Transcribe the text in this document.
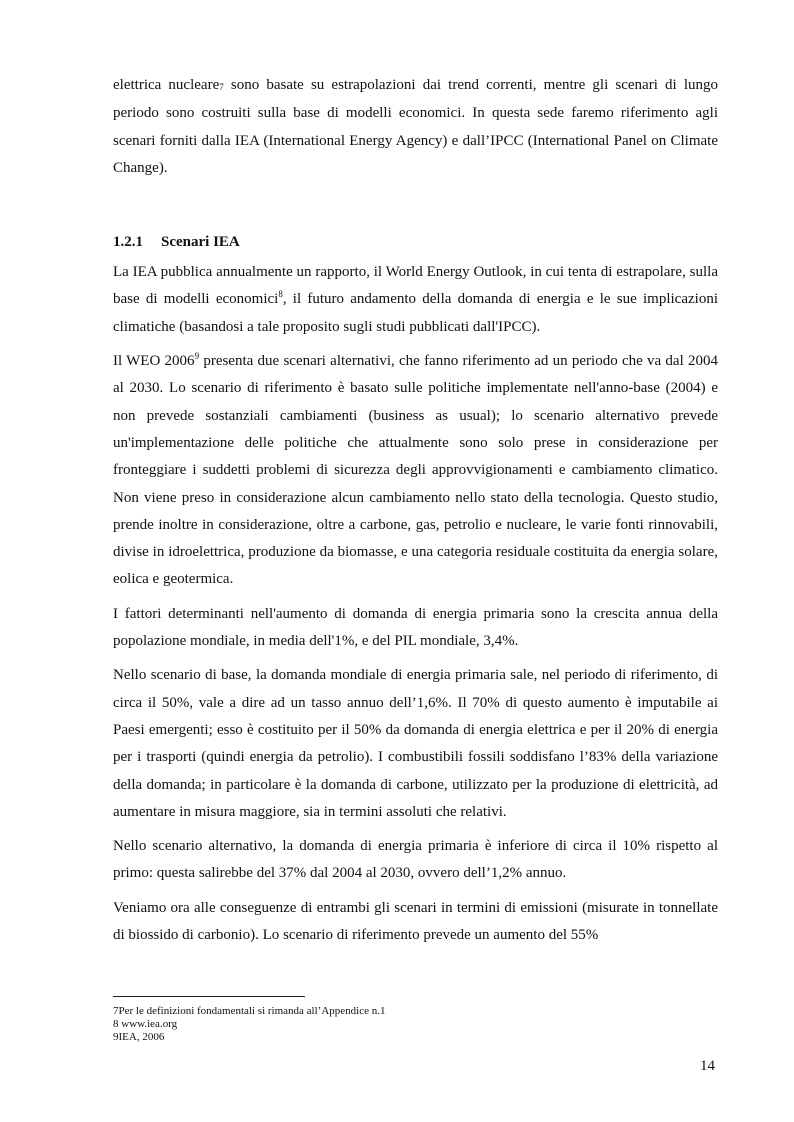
elettrica nucleare7 sono basate su estrapolazioni dai trend correnti, mentre gli scenari di lungo periodo sono costruiti sulla base di modelli economici. In questa sede faremo riferimento agli scenari forniti dalla IEA (International Energy Agency) e dall’IPCC (International Panel on Climate Change).

1.2.1 Scenari IEA

La IEA pubblica annualmente un rapporto, il World Energy Outlook, in cui tenta di estrapolare, sulla base di modelli economici$^8$, il futuro andamento della domanda di energia e le sue implicazioni climatiche (basandosi a tale proposito sugli studi pubblicati dall'IPCC).

Il WEO 2006$^9$ presenta due scenari alternativi, che fanno riferimento ad un periodo che va dal 2004 al 2030. Lo scenario di riferimento è basato sulle politiche implementate nell'anno-base (2004) e non prevede sostanziali cambiamenti (business as usual); lo scenario alternativo prevede un'implementazione delle politiche che attualmente sono solo prese in considerazione per fronteggiare i suddetti problemi di sicurezza degli approvvigionamenti e cambiamento climatico. Non viene preso in considerazione alcun cambiamento nello stato della tecnologia. Questo studio, prende inoltre in considerazione, oltre a carbone, gas, petrolio e nucleare, le varie fonti rinnovabili, divise in idroelettrica, produzione da biomasse, e una categoria residuale costituita da energia solare, eolica e geotermica.

I fattori determinanti nell'aumento di domanda di energia primaria sono la crescita annua della popolazione mondiale, in media dell'1%, e del PIL mondiale, 3,4%.

Nello scenario di base, la domanda mondiale di energia primaria sale, nel periodo di riferimento, di circa il 50%, vale a dire ad un tasso annuo dell’1,6%. Il 70% di questo aumento è imputabile ai Paesi emergenti; esso è costituito per il 50% da domanda di energia elettrica e per il 20% di energia per i trasporti (quindi energia da petrolio). I combustibili fossili soddisfano l’83% della variazione della domanda; in particolare è la domanda di carbone, utilizzato per la produzione di elettricità, ad aumentare in misura maggiore, sia in termini assoluti che relativi.

Nello scenario alternativo, la domanda di energia primaria è inferiore di circa il 10% rispetto al primo: questa salirebbe del 37% dal 2004 al 2030, ovvero dell’1,2% annuo.

Veniamo ora alle conseguenze di entrambi gli scenari in termini di emissioni (misurate in tonnellate di biossido di carbonio). Lo scenario di riferimento prevede un aumento del 55%

7Per le definizioni fondamentali si rimanda all’Appendice n.1
8 www.iea.org
9IEA, 2006
14
